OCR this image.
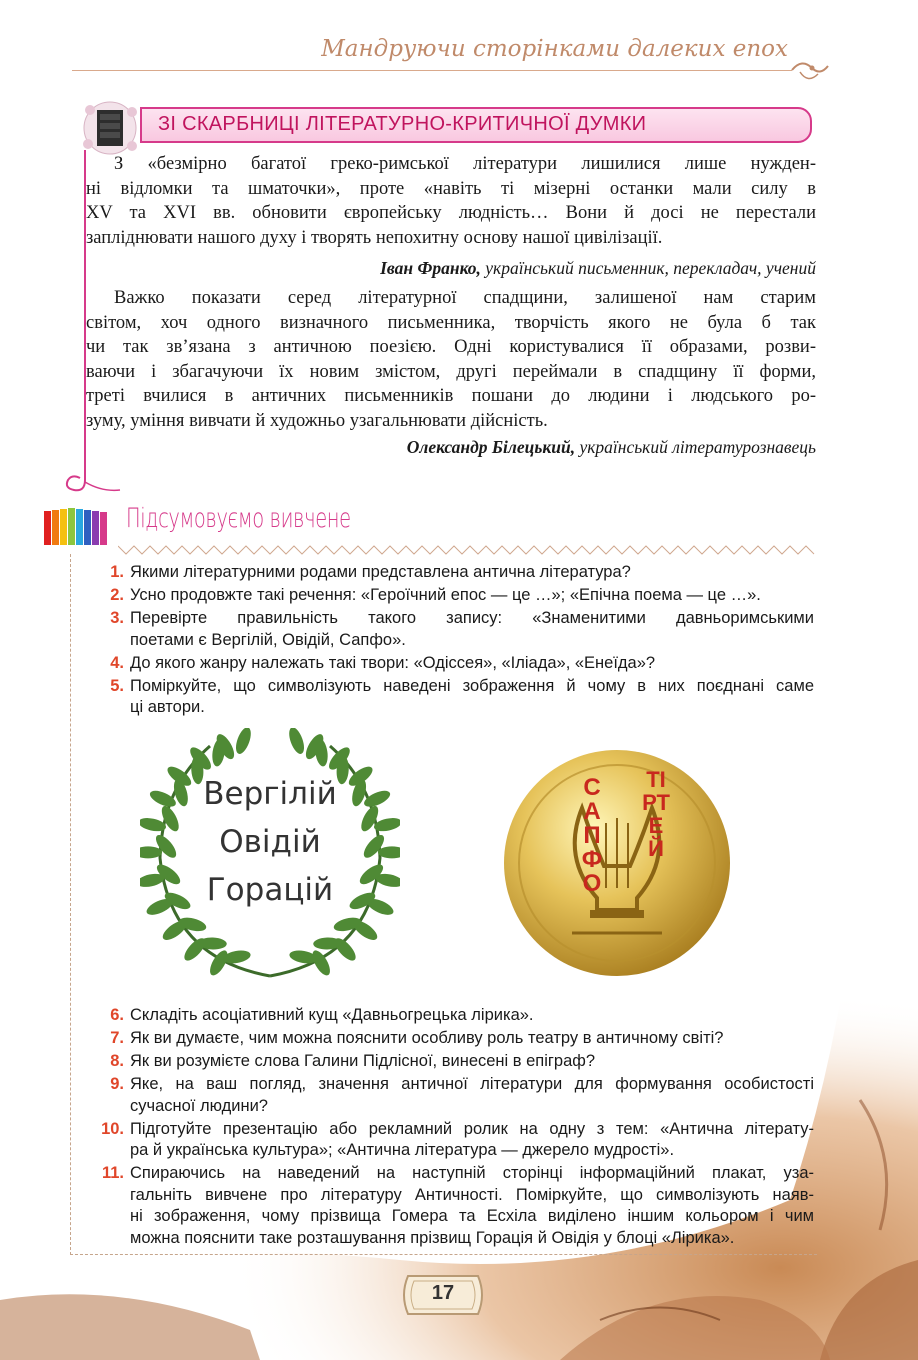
Мандруючи сторінками далеких епох
ЗІ СКАРБНИЦІ ЛІТЕРАТУРНО-КРИТИЧНОЇ ДУМКИ
З «безмірно багатої греко-римської літератури лишилися лише нужден-
ні відломки та шматочки», проте «навіть ті мізерні останки мали силу в
XV та XVI вв. обновити європейську людність… Вони й досі не перестали
запліднювати нашого духу і творять непохитну основу нашої цивілізації.
Іван Франко, український письменник, перекладач, учений
Важко показати серед літературної спадщини, залишеної нам старим
світом, хоч одного визначного письменника, творчість якого не була б так
чи так зв’язана з античною поезією. Одні користувалися її образами, розви-
ваючи і збагачуючи їх новим змістом, другі переймали в спадщину її форми,
треті вчилися в античних письменників пошани до людини і людського ро-
зуму, уміння вивчати й художньо узагальнювати дійсність.
Олександр Білецький, український літературознавець
Підсумовуємо вивчене
1. Якими літературними родами представлена антична література?
2. Усно продовжте такі речення: «Героїчний епос — це …»; «Епічна поема — це …».
3. Перевірте правильність такого запису: «Знаменитими давньоримськими
поетами є Вергілій, Овідій, Сапфо».
4. До якого жанру належать такі твори: «Одіссея», «Іліада», «Енеїда»?
5. Поміркуйте, що символізують наведені зображення й чому в них поєднані саме
ці автори.
Вергілій
Овідій
Горацій
САПФО
ТІРТЕЙ
6. Складіть асоціативний кущ «Давньогрецька лірика».
7. Як ви думаєте, чим можна пояснити особливу роль театру в античному світі?
8. Як ви розумієте слова Галини Підлісної, винесені в епіграф?
9. Яке, на ваш погляд, значення античної літератури для формування особистості
сучасної людини?
10. Підготуйте презентацію або рекламний ролик на одну з тем: «Антична літерату-
ра й українська культура»; «Антична література — джерело мудрості».
11. Спираючись на наведений на наступній сторінці інформаційний плакат, уза-
гальніть вивчене про літературу Античності. Поміркуйте, що символізують наяв-
ні зображення, чому прізвища Гомера та Есхіла виділено іншим кольором і чим
можна пояснити таке розташування прізвищ Горація й Овідія у блоці «Лірика».
17
